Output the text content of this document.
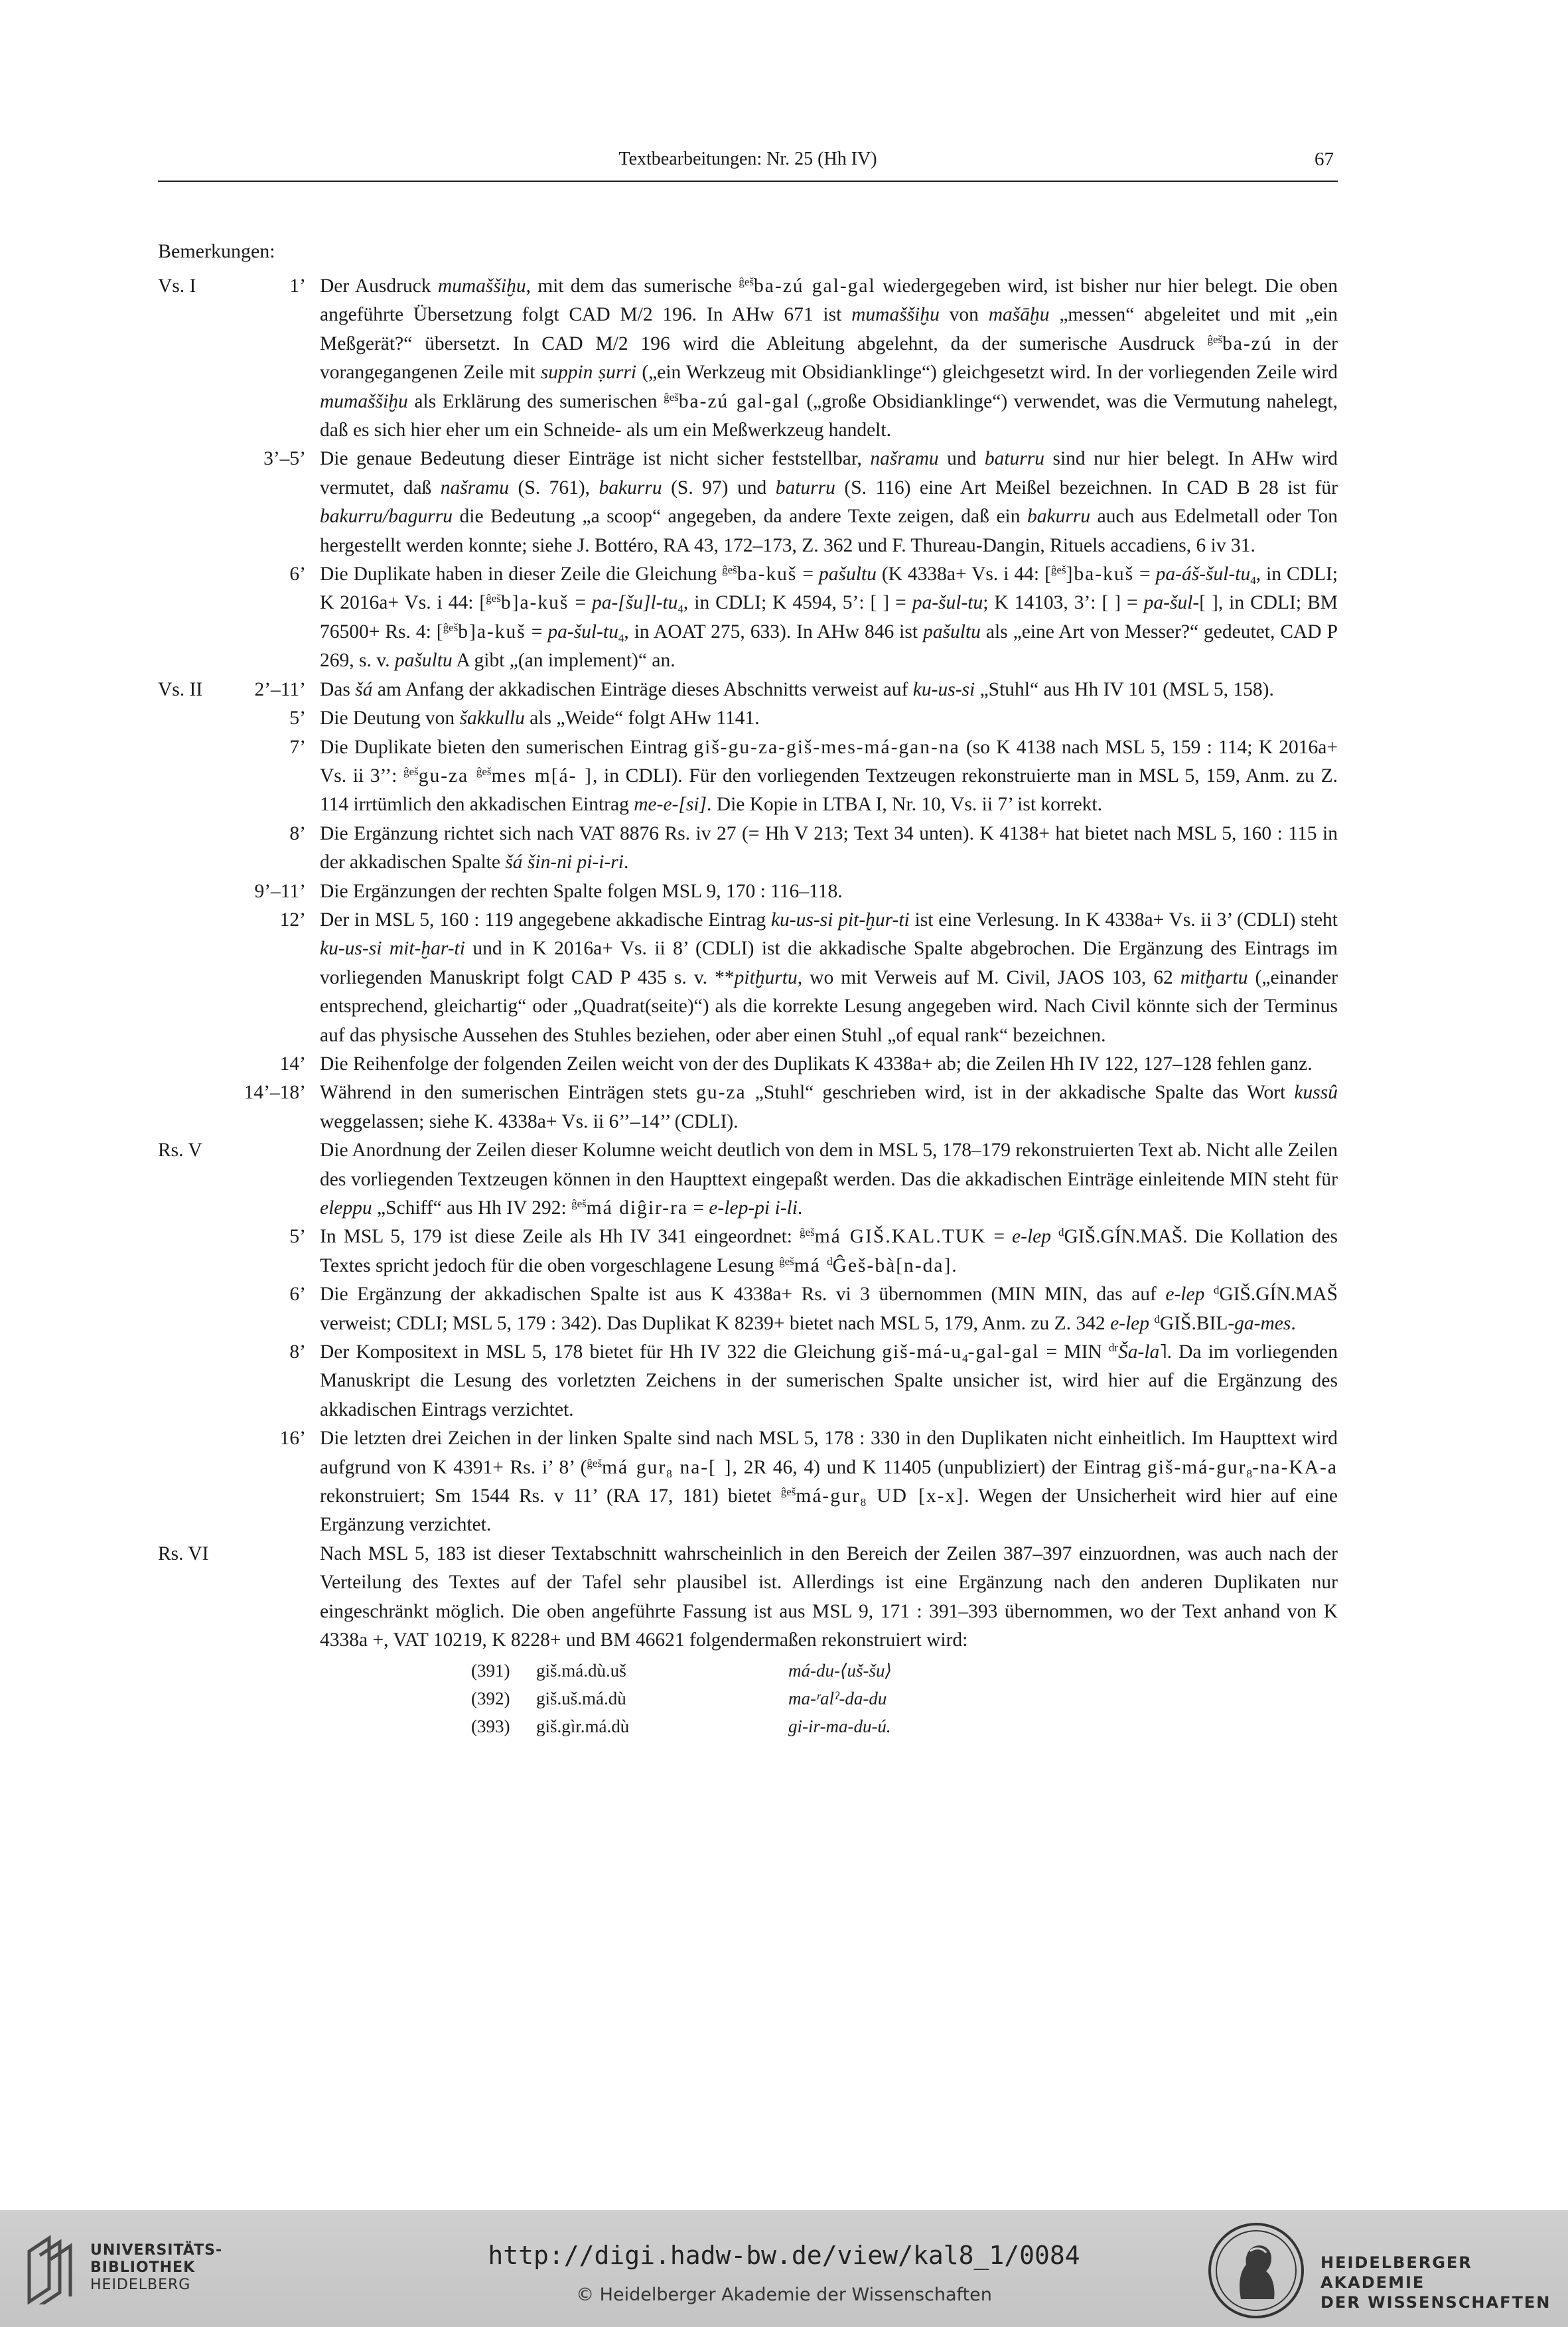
Textbearbeitungen: Nr. 25 (Hh IV)	67
Bemerkungen:
Vs. I	1’ Der Ausdruck mumaššiḫu, mit dem das sumerische $^{ĝeš}$ba-zú gal-gal wiedergegeben wird, ist bisher nur hier belegt. Die oben angeführte Übersetzung folgt CAD M/2 196. In AHw 671 ist mumaššiḫu von mašāḫu „messen“ abgeleitet und mit „ein Meßgerät?“ übersetzt. In CAD M/2 196 wird die Ableitung abgelehnt, da der sumerische Ausdruck $^{ĝeš}$ba-zú in der vorangegangenen Zeile mit suppin ṣurri („ein Werkzeug mit Obsidianklinge“) gleichgesetzt wird. In der vorliegenden Zeile wird mumaššiḫu als Erklärung des sumerischen $^{ĝeš}$ba-zú gal-gal („große Obsidianklinge“) verwendet, was die Vermutung nahelegt, daß es sich hier eher um ein Schneide- als um ein Meßwerkzeug handelt.
3’–5’ Die genaue Bedeutung dieser Einträge ist nicht sicher feststellbar, našramu und baturru sind nur hier belegt. In AHw wird vermutet, daß našramu (S. 761), bakurru (S. 97) und baturru (S. 116) eine Art Meißel bezeichnen. In CAD B 28 ist für bakurru/bagurru die Bedeutung „a scoop“ angegeben, da andere Texte zeigen, daß ein bakurru auch aus Edelmetall oder Ton hergestellt werden konnte; siehe J. Bottéro, RA 43, 172–173, Z. 362 und F. Thureau-Dangin, Rituels accadiens, 6 iv 31.
6’ Die Duplikate haben in dieser Zeile die Gleichung $^{ĝeš}$ba-kuš = pašultu (K 4338a+ Vs. i 44: [$^{ĝeš}$]ba-kuš = $pa-áš-šul-tu_4$, in CDLI; K 2016a+ Vs. i 44: [$^{ĝeš}$b]a-kuš = $pa-[šu]l-tu_4$, in CDLI; K 4594, 5’: [ ] = pa-šul-tu; K 14103, 3’: [ ] = pa-šul-[ ], in CDLI; BM 76500+ Rs. 4: [$^{ĝeš}$b]a-kuš = $pa-šul-tu_4$, in AOAT 275, 633). In AHw 846 ist pašultu als „eine Art von Messer?“ gedeutet, CAD P 269, s. v. pašultu A gibt „(an implement)“ an.
Vs. II	2’–11’ Das šá am Anfang der akkadischen Einträge dieses Abschnitts verweist auf ku-us-si „Stuhl“ aus Hh IV 101 (MSL 5, 158).
5’ Die Deutung von šakkullu als „Weide“ folgt AHw 1141.
7’ Die Duplikate bieten den sumerischen Eintrag giš-gu-za-giš-mes-má-gan-na (so K 4138 nach MSL 5, 159 : 114; K 2016a+ Vs. ii 3’’: $^{ĝeš}$gu-za $^{ĝeš}$mes m[á- ], in CDLI). Für den vorliegenden Textzeugen rekonstruierte man in MSL 5, 159, Anm. zu Z. 114 irrtümlich den akkadischen Eintrag me-e-[si]. Die Kopie in LTBA I, Nr. 10, Vs. ii 7’ ist korrekt.
8’ Die Ergänzung richtet sich nach VAT 8876 Rs. iv 27 (= Hh V 213; Text 34 unten). K 4138+ hat bietet nach MSL 5, 160 : 115 in der akkadischen Spalte šá šin-ni pi-i-ri.
9’–11’ Die Ergänzungen der rechten Spalte folgen MSL 9, 170 : 116–118.
12’ Der in MSL 5, 160 : 119 angegebene akkadische Eintrag ku-us-si pit-ḫur-ti ist eine Verlesung. In K 4338a+ Vs. ii 3’ (CDLI) steht ku-us-si mit-ḫar-ti und in K 2016a+ Vs. ii 8’ (CDLI) ist die akkadische Spalte abgebrochen. Die Ergänzung des Eintrags im vorliegenden Manuskript folgt CAD P 435 s. v. **pitḫurtu, wo mit Verweis auf M. Civil, JAOS 103, 62 mitḫartu („einander entsprechend, gleichartig“ oder „Quadrat(seite)“) als die korrekte Lesung angegeben wird. Nach Civil könnte sich der Terminus auf das physische Aussehen des Stuhles beziehen, oder aber einen Stuhl „of equal rank“ bezeichnen.
14’ Die Reihenfolge der folgenden Zeilen weicht von der des Duplikats K 4338a+ ab; die Zeilen Hh IV 122, 127–128 fehlen ganz.
14’–18’ Während in den sumerischen Einträgen stets gu-za „Stuhl“ geschrieben wird, ist in der akkadische Spalte das Wort kussû weggelassen; siehe K. 4338a+ Vs. ii 6’’–14’’ (CDLI).
Rs. V	Die Anordnung der Zeilen dieser Kolumne weicht deutlich von dem in MSL 5, 178–179 rekonstruierten Text ab. Nicht alle Zeilen des vorliegenden Textzeugen können in den Haupttext eingepaßt werden. Das die akkadischen Einträge einleitende MIN steht für eleppu „Schiff“ aus Hh IV 292: $^{ĝeš}$má diĝir-ra = e-lep-pi i-li.
5’ In MSL 5, 179 ist diese Zeile als Hh IV 341 eingeordnet: $^{ĝeš}$má GIŠ.KAL.TUK = e-lep $^d$GIŠ.GÍN.MAŠ. Die Kollation des Textes spricht jedoch für die oben vorgeschlagene Lesung $^{ĝeš}$má $^d$Ĝeš-bà[n-da].
6’ Die Ergänzung der akkadischen Spalte ist aus K 4338a+ Rs. vi 3 übernommen (MIN MIN, das auf e-lep $^d$GIŠ.GÍN.MAŠ verweist; CDLI; MSL 5, 179 : 342). Das Duplikat K 8239+ bietet nach MSL 5, 179, Anm. zu Z. 342 e-lep $^d$GIŠ.BIL-ga-mes.
8’ Der Kompositext in MSL 5, 178 bietet für Hh IV 322 die Gleichung giš-$má-u_4-gal$-gal = MIN $^{dr}$Ša-la˥. Da im vorliegenden Manuskript die Lesung des vorletzten Zeichens in der sumerischen Spalte unsicher ist, wird hier auf die Ergänzung des akkadischen Eintrags verzichtet.
16’ Die letzten drei Zeichen in der linken Spalte sind nach MSL 5, 178 : 330 in den Duplikaten nicht einheitlich. Im Haupttext wird aufgrund von K 4391+ Rs. i’ 8’ ($^{ĝeš}$má gur$_8$ na-[ ], 2R 46, 4) und K 11405 (unpubliziert) der Eintrag giš-má-gur$_8$-na-KA-a rekonstruiert; Sm 1544 Rs. v 11’ (RA 17, 181) bietet $^{ĝeš}$má-gur$_8$ UD [x-x]. Wegen der Unsicherheit wird hier auf eine Ergänzung verzichtet.
Rs. VI	Nach MSL 5, 183 ist dieser Textabschnitt wahrscheinlich in den Bereich der Zeilen 387–397 einzuordnen, was auch nach der Verteilung des Textes auf der Tafel sehr plausibel ist. Allerdings ist eine Ergänzung nach den anderen Duplikaten nur eingeschränkt möglich. Die oben angeführte Fassung ist aus MSL 9, 171 : 391–393 übernommen, wo der Text anhand von K 4338a +, VAT 10219, K 8228+ und BM 46621 folgendermaßen rekonstruiert wird:
(391)	giš.má.dù.uš	má-du-⟨uš-šu⟩
(392)	giš.uš.má.dù	ma-ʳalˀ-da-du
(393)	giš.gìr.má.dù	gi-ir-ma-du-ú.
UNIVERSITÄTS-
BIBLIOTHEK
HEIDELBERG
http://digi.hadw-bw.de/view/kal8_1/0084
© Heidelberger Akademie der Wissenschaften
HEIDELBERGER AKADEMIE
DER WISSENSCHAFTEN
